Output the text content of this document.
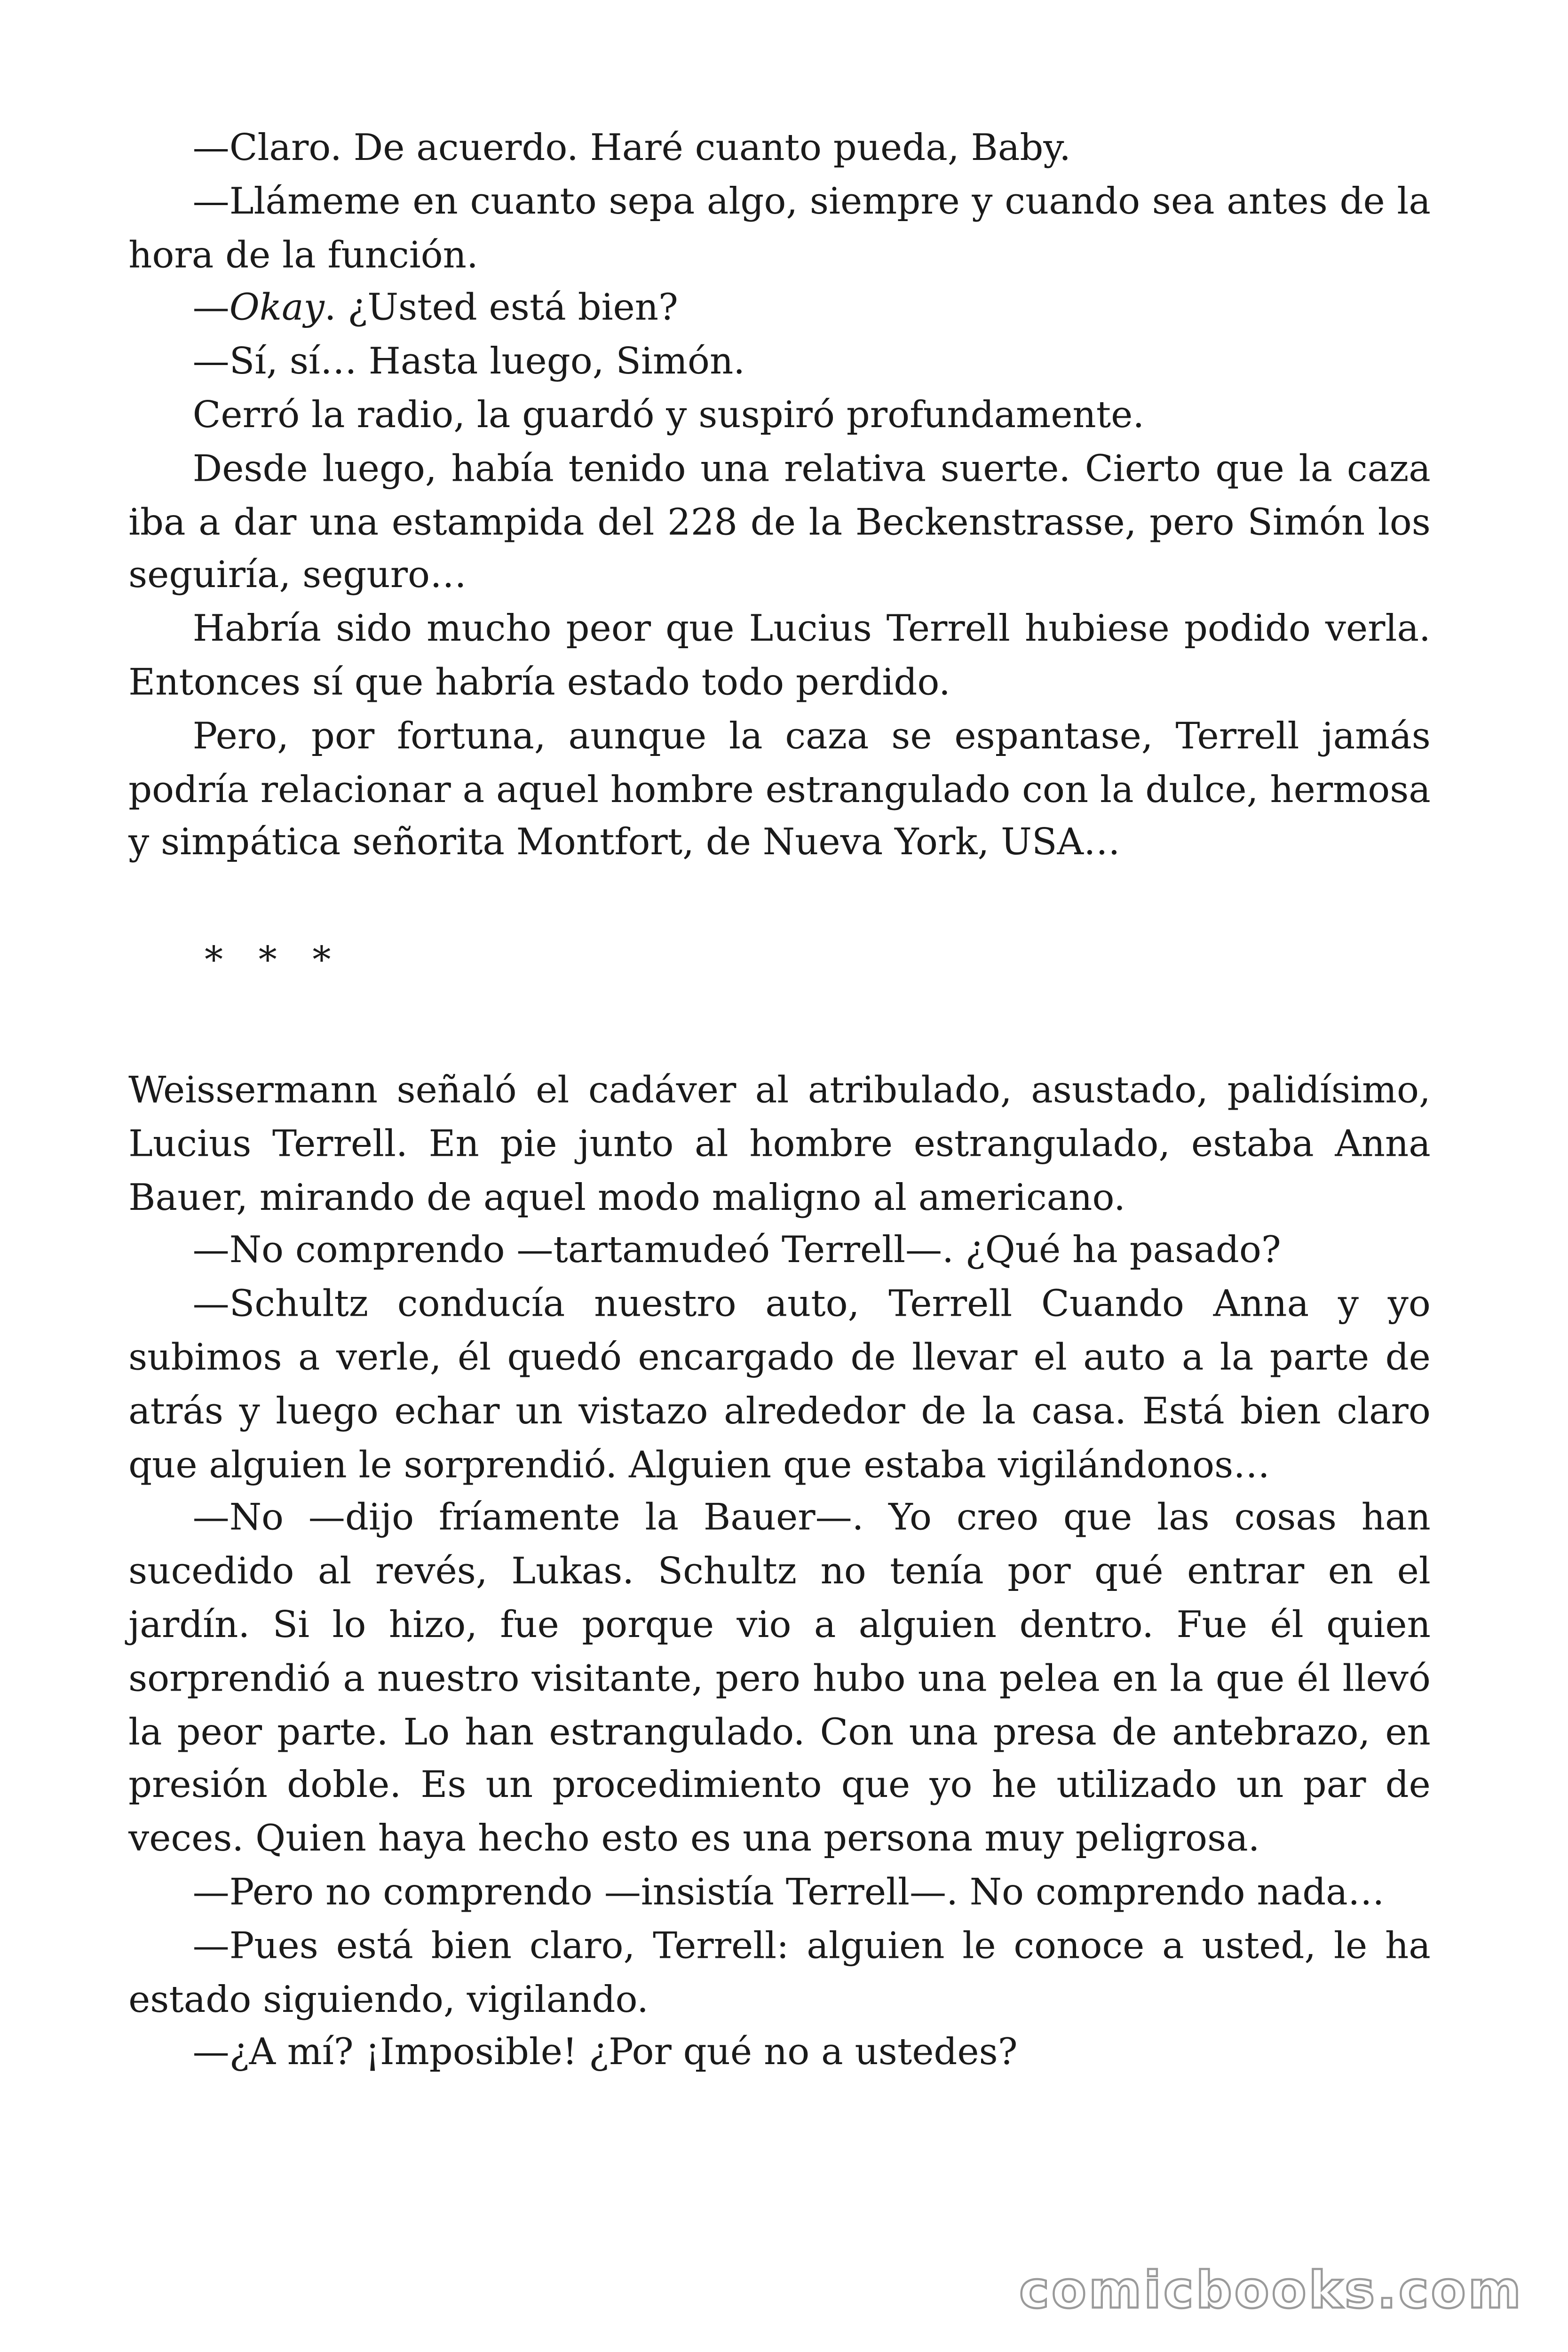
—Claro. De acuerdo. Haré cuanto pueda, Baby.

—Llámeme en cuanto sepa algo, siempre y cuando sea antes de la hora de la función.

—Okay. ¿Usted está bien?

—Sí, sí… Hasta luego, Simón.

Cerró la radio, la guardó y suspiró profundamente.

Desde luego, había tenido una relativa suerte. Cierto que la caza iba a dar una estampida del 228 de la Beckenstrasse, pero Simón los seguiría, seguro…

Habría sido mucho peor que Lucius Terrell hubiese podido verla. Entonces sí que habría estado todo perdido.

Pero, por fortuna, aunque la caza se espantase, Terrell jamás podría relacionar a aquel hombre estrangulado con la dulce, hermosa y simpática señorita Montfort, de Nueva York, USA…

* * *

Weissermann señaló el cadáver al atribulado, asustado, palidísimo, Lucius Terrell. En pie junto al hombre estrangulado, estaba Anna Bauer, mirando de aquel modo maligno al americano.

—No comprendo —tartamudeó Terrell—. ¿Qué ha pasado?

—Schultz conducía nuestro auto, Terrell Cuando Anna y yo subimos a verle, él quedó encargado de llevar el auto a la parte de atrás y luego echar un vistazo alrededor de la casa. Está bien claro que alguien le sorprendió. Alguien que estaba vigilándonos…

—No —dijo fríamente la Bauer—. Yo creo que las cosas han sucedido al revés, Lukas. Schultz no tenía por qué entrar en el jardín. Si lo hizo, fue porque vio a alguien dentro. Fue él quien sorprendió a nuestro visitante, pero hubo una pelea en la que él llevó la peor parte. Lo han estrangulado. Con una presa de antebrazo, en presión doble. Es un procedimiento que yo he utilizado un par de veces. Quien haya hecho esto es una persona muy peligrosa.

—Pero no comprendo —insistía Terrell—. No comprendo nada…

—Pues está bien claro, Terrell: alguien le conoce a usted, le ha estado siguiendo, vigilando.

—¿A mí? ¡Imposible! ¿Por qué no a ustedes?

comicbooks.com
